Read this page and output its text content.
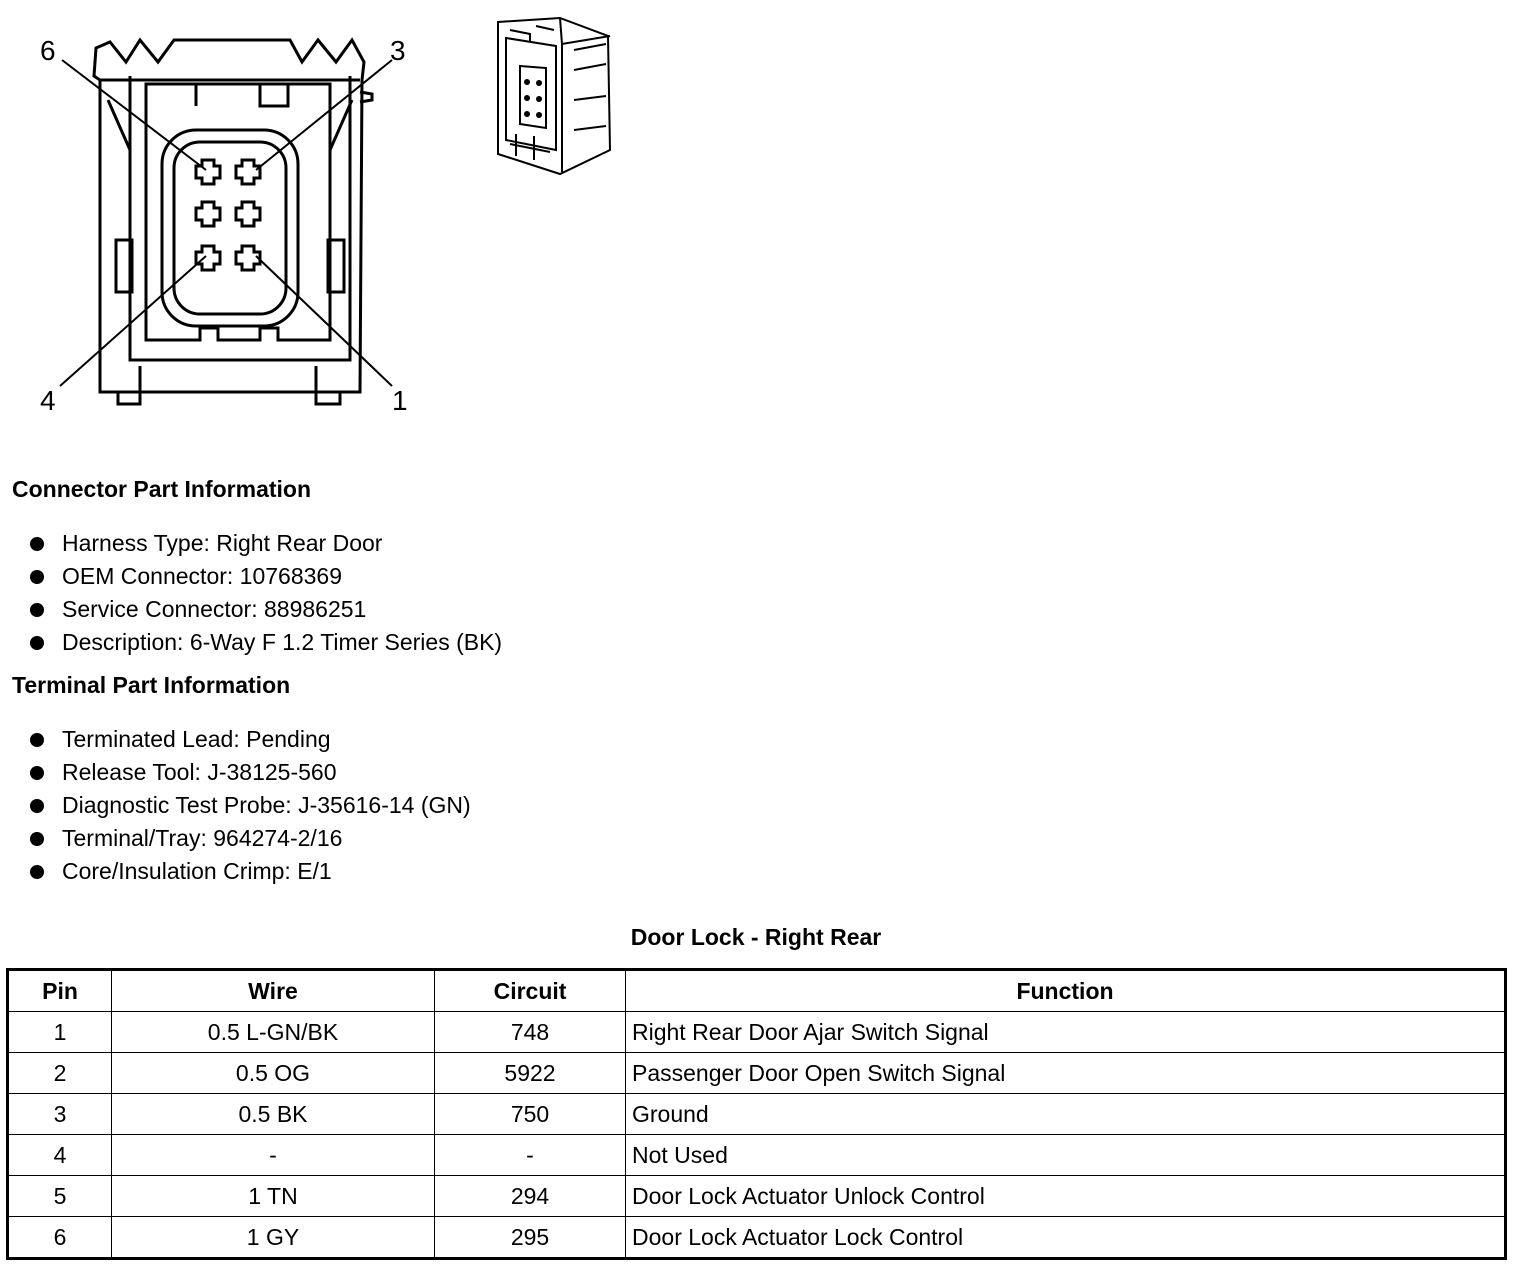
6	3
4	1
Connector Part Information
Harness Type: Right Rear Door
OEM Connector: 10768369
Service Connector: 88986251
Description: 6-Way F 1.2 Timer Series (BK)
Terminal Part Information
Terminated Lead: Pending
Release Tool: J-38125-560
Diagnostic Test Probe: J-35616-14 (GN)
Terminal/Tray: 964274-2/16
Core/Insulation Crimp: E/1
Door Lock - Right Rear
Pin	Wire	Circuit	Function
1	0.5 L-GN/BK	748	Right Rear Door Ajar Switch Signal
2	0.5 OG	5922	Passenger Door Open Switch Signal
3	0.5 BK	750	Ground
4	-	-	Not Used
5	1 TN	294	Door Lock Actuator Unlock Control
6	1 GY	295	Door Lock Actuator Lock Control
